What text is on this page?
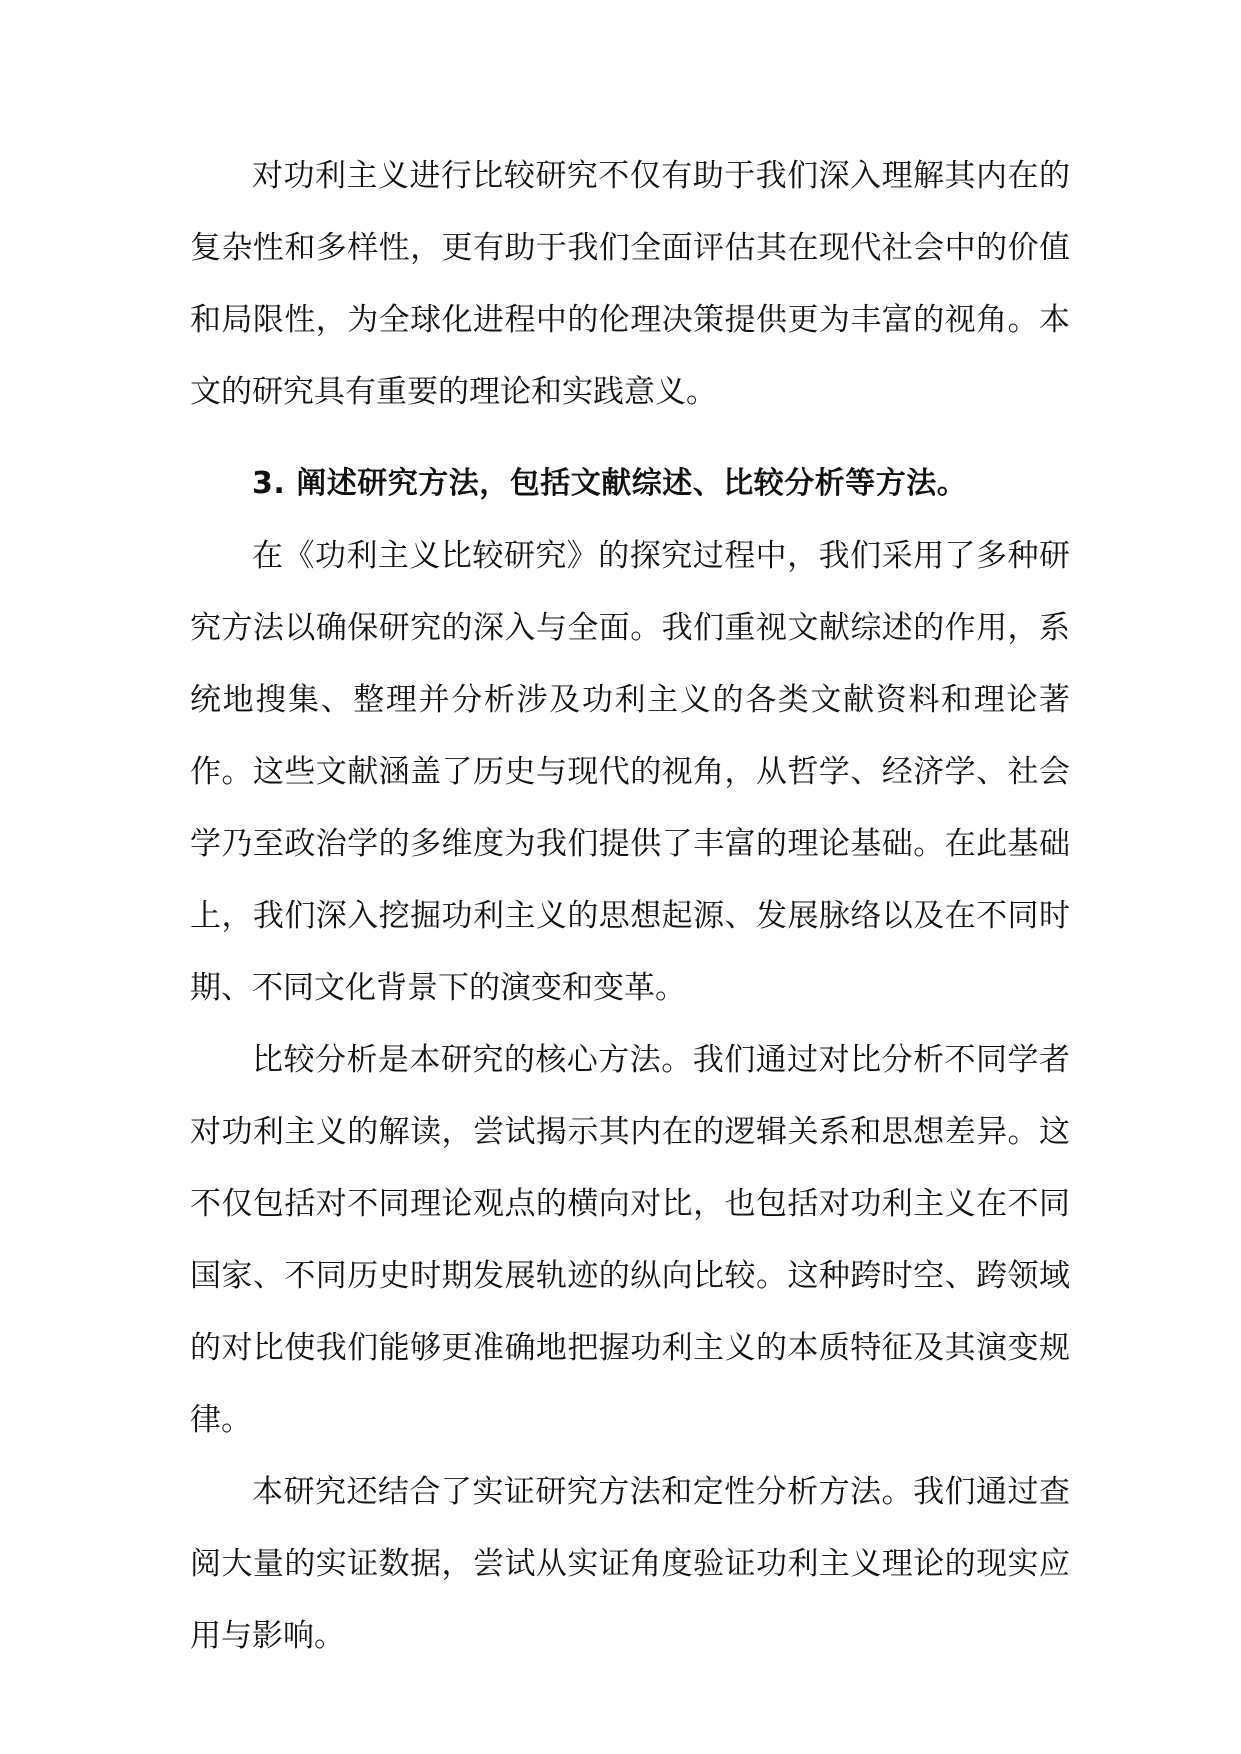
对功利主义进行比较研究不仅有助于我们深入理解其内在的复杂性和多样性，更有助于我们全面评估其在现代社会中的价值和局限性，为全球化进程中的伦理决策提供更为丰富的视角。本文的研究具有重要的理论和实践意义。

3. 阐述研究方法，包括文献综述、比较分析等方法。

在《功利主义比较研究》的探究过程中，我们采用了多种研究方法以确保研究的深入与全面。我们重视文献综述的作用，系统地搜集、整理并分析涉及功利主义的各类文献资料和理论著作。这些文献涵盖了历史与现代的视角，从哲学、经济学、社会学乃至政治学的多维度为我们提供了丰富的理论基础。在此基础上，我们深入挖掘功利主义的思想起源、发展脉络以及在不同时期、不同文化背景下的演变和变革。

比较分析是本研究的核心方法。我们通过对比分析不同学者对功利主义的解读，尝试揭示其内在的逻辑关系和思想差异。这不仅包括对不同理论观点的横向对比，也包括对功利主义在不同国家、不同历史时期发展轨迹的纵向比较。这种跨时空、跨领域的对比使我们能够更准确地把握功利主义的本质特征及其演变规律。

本研究还结合了实证研究方法和定性分析方法。我们通过查阅大量的实证数据，尝试从实证角度验证功利主义理论的现实应用与影响。
